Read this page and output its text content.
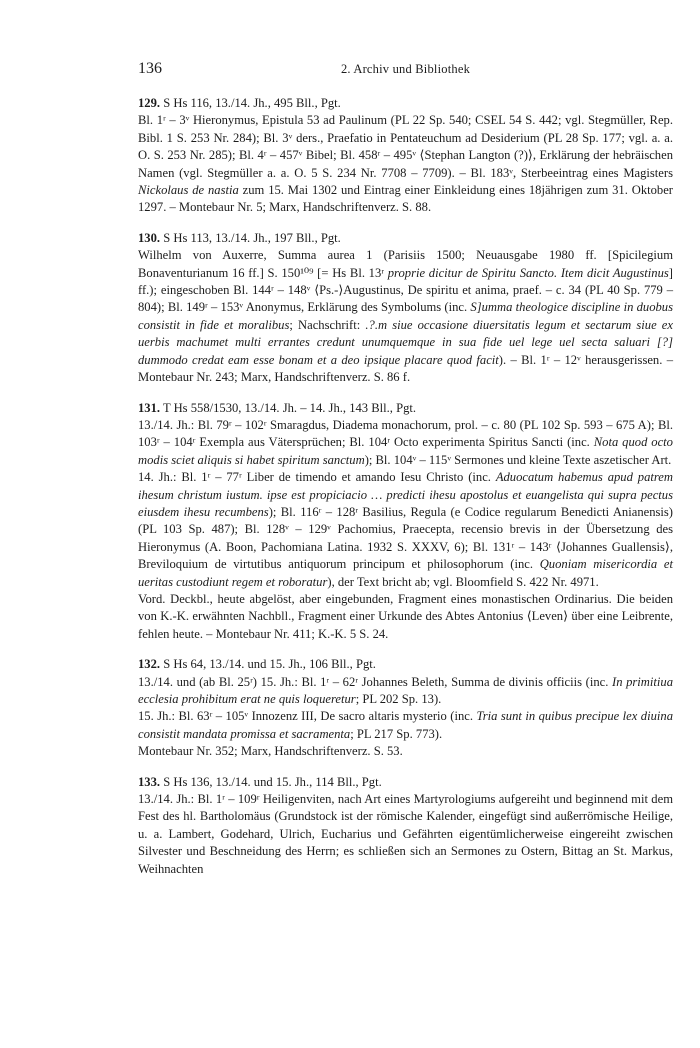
136	2. Archiv und Bibliothek

129. S Hs 116, 13./14. Jh., 495 Bll., Pgt.

Bl. 1ʳ – 3ᵛ Hieronymus, Epistula 53 ad Paulinum (PL 22 Sp. 540; CSEL 54 S. 442; vgl. Stegmüller, Rep. Bibl. 1 S. 253 Nr. 284); Bl. 3ᵛ ders., Praefatio in Pentateuchum ad Desiderium (PL 28 Sp. 177; vgl. a. a. O. S. 253 Nr. 285); Bl. 4ʳ – 457ᵛ Bibel; Bl. 458ʳ – 495ᵛ ⟨Stephan Langton (?)⟩, Erklärung der hebräischen Namen (vgl. Stegmüller a. a. O. 5 S. 234 Nr. 7708 – 7709). – Bl. 183ᵛ, Sterbeeintrag eines Magisters Nickolaus de nastia zum 15. Mai 1302 und Eintrag einer Einkleidung eines 18jährigen zum 31. Oktober 1297. – Montebaur Nr. 5; Marx, Handschriftenverz. S. 88.

130. S Hs 113, 13./14. Jh., 197 Bll., Pgt.

Wilhelm von Auxerre, Summa aurea 1 (Parisiis 1500; Neuausgabe 1980 ff. [Spicilegium Bonaventurianum 16 ff.] S. 150¹⁰⁹ [= Hs Bl. 13ʳ proprie dicitur de Spiritu Sancto. Item dicit Augustinus] ff.); eingeschoben Bl. 144ʳ – 148ᵛ ⟨Ps.-⟩Augustinus, De spiritu et anima, praef. – c. 34 (PL 40 Sp. 779 – 804); Bl. 149ʳ – 153ᵛ Anonymus, Erklärung des Symbolums (inc. S]umma theologice discipline in duobus consistit in fide et moralibus; Nachschrift: .?.m siue occasione diuersitatis legum et sectarum siue ex uerbis machumet multi errantes credunt unumquemque in sua fide uel lege uel secta saluari [?] dummodo credat eam esse bonam et a deo ipsique placare quod facit). – Bl. 1ʳ – 12ᵛ herausgerissen. – Montebaur Nr. 243; Marx, Handschriftenverz. S. 86 f.

131. T Hs 558/1530, 13./14. Jh. – 14. Jh., 143 Bll., Pgt.

13./14. Jh.: Bl. 79ʳ – 102ʳ Smaragdus, Diadema monachorum, prol. – c. 80 (PL 102 Sp. 593 – 675 A); Bl. 103ʳ – 104ʳ Exempla aus Vätersprüchen; Bl. 104ʳ Octo experimenta Spiritus Sancti (inc. Nota quod octo modis sciet aliquis si habet spiritum sanctum); Bl. 104ᵛ – 115ᵛ Sermones und kleine Texte aszetischer Art.

14. Jh.: Bl. 1ʳ – 77ʳ Liber de timendo et amando Iesu Christo (inc. Aduocatum habemus apud patrem ihesum christum iustum. ipse est propiciacio … predicti ihesu apostolus et euangelista qui supra pectus eiusdem ihesu recumbens); Bl. 116ʳ – 128ʳ Basilius, Regula (e Codice regularum Benedicti Anianensis) (PL 103 Sp. 487); Bl. 128ᵛ – 129ᵛ Pachomius, Praecepta, recensio brevis in der Übersetzung des Hieronymus (A. Boon, Pachomiana Latina. 1932 S. XXXV, 6); Bl. 131ʳ – 143ʳ ⟨Johannes Guallensis⟩, Breviloquium de virtutibus antiquorum principum et philosophorum (inc. Quoniam misericordia et ueritas custodiunt regem et roboratur), der Text bricht ab; vgl. Bloomfield S. 422 Nr. 4971.

Vord. Deckbl., heute abgelöst, aber eingebunden, Fragment eines monastischen Ordinarius. Die beiden von K.-K. erwähnten Nachbll., Fragment einer Urkunde des Abtes Antonius ⟨Leven⟩ über eine Leibrente, fehlen heute. – Montebaur Nr. 411; K.-K. 5 S. 24.

132. S Hs 64, 13./14. und 15. Jh., 106 Bll., Pgt.

13./14. und (ab Bl. 25ʳ) 15. Jh.: Bl. 1ʳ – 62ʳ Johannes Beleth, Summa de divinis officiis (inc. In primitiua ecclesia prohibitum erat ne quis loqueretur; PL 202 Sp. 13).

15. Jh.: Bl. 63ʳ – 105ᵛ Innozenz III, De sacro altaris mysterio (inc. Tria sunt in quibus precipue lex diuina consistit mandata promissa et sacramenta; PL 217 Sp. 773).

Montebaur Nr. 352; Marx, Handschriftenverz. S. 53.

133. S Hs 136, 13./14. und 15. Jh., 114 Bll., Pgt.

13./14. Jh.: Bl. 1ʳ – 109ʳ Heiligenviten, nach Art eines Martyrologiums aufgereiht und beginnend mit dem Fest des hl. Bartholomäus (Grundstock ist der römische Kalender, eingefügt sind außerrömische Heilige, u. a. Lambert, Godehard, Ulrich, Eucharius und Gefährten eigentümlicherweise eingereiht zwischen Silvester und Beschneidung des Herrn; es schließen sich an Sermones zu Ostern, Bittag an St. Markus, Weihnachten
